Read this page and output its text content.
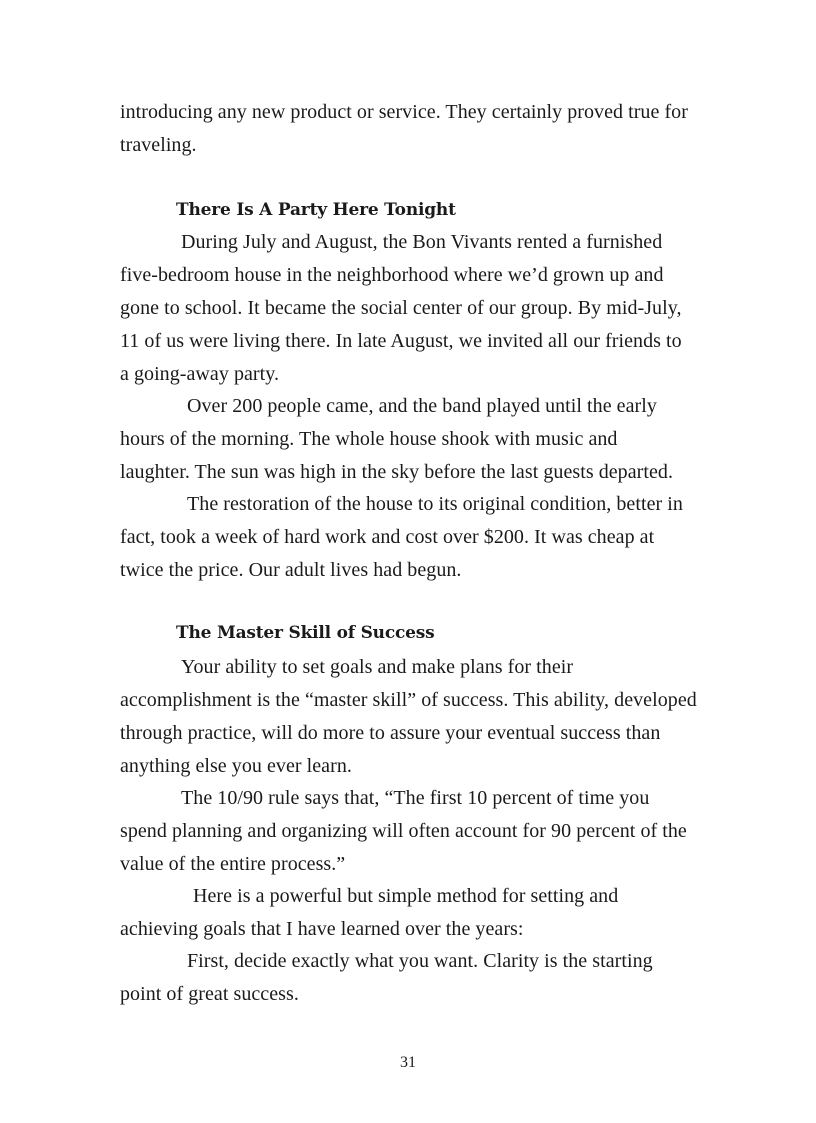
introducing any new product or service. They certainly proved true for
traveling.
There Is A Party Here Tonight
During July and August, the Bon Vivants rented a furnished
five-bedroom house in the neighborhood where we’d grown up and
gone to school. It became the social center of our group. By mid-July,
11 of us were living there. In late August, we invited all our friends to
a going-away party.
Over 200 people came, and the band played until the early
hours of the morning. The whole house shook with music and
laughter. The sun was high in the sky before the last guests departed.
The restoration of the house to its original condition, better in
fact, took a week of hard work and cost over $200. It was cheap at
twice the price. Our adult lives had begun.
The Master Skill of Success
Your ability to set goals and make plans for their
accomplishment is the “master skill” of success. This ability, developed
through practice, will do more to assure your eventual success than
anything else you ever learn.
The 10/90 rule says that, “The first 10 percent of time you
spend planning and organizing will often account for 90 percent of the
value of the entire process.”
Here is a powerful but simple method for setting and
achieving goals that I have learned over the years:
First, decide exactly what you want. Clarity is the starting
point of great success.
31
